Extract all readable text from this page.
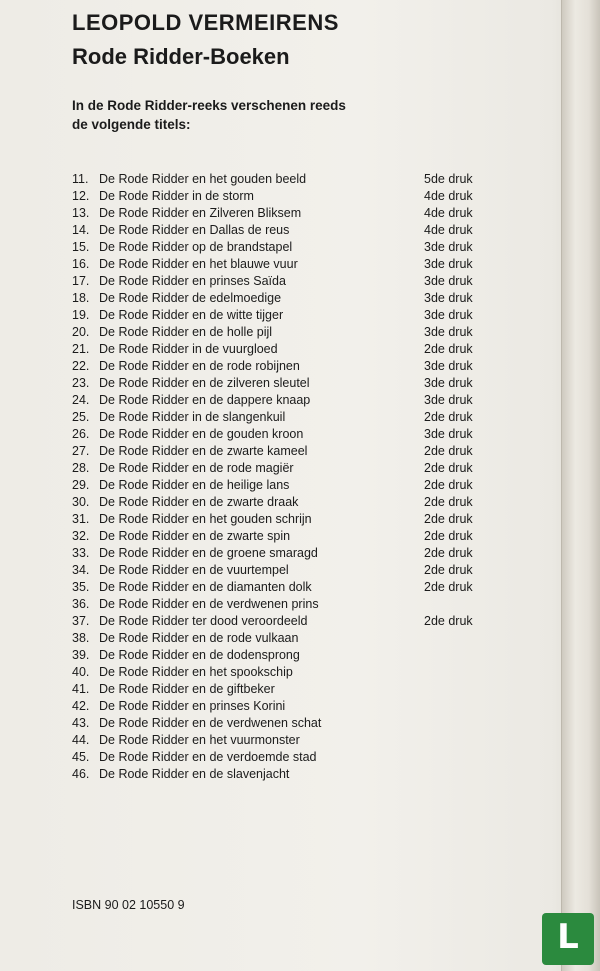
LEOPOLD VERMEIRENS
Rode Ridder-Boeken
In de Rode Ridder-reeks verschenen reeds
de volgende titels:
11. De Rode Ridder en het gouden beeld	5de druk
12. De Rode Ridder in de storm	4de druk
13. De Rode Ridder en Zilveren Bliksem	4de druk
14. De Rode Ridder en Dallas de reus	4de druk
15. De Rode Ridder op de brandstapel	3de druk
16. De Rode Ridder en het blauwe vuur	3de druk
17. De Rode Ridder en prinses Saïda	3de druk
18. De Rode Ridder de edelmoedige	3de druk
19. De Rode Ridder en de witte tijger	3de druk
20. De Rode Ridder en de holle pijl	3de druk
21. De Rode Ridder in de vuurgloed	2de druk
22. De Rode Ridder en de rode robijnen	3de druk
23. De Rode Ridder en de zilveren sleutel	3de druk
24. De Rode Ridder en de dappere knaap	3de druk
25. De Rode Ridder in de slangenkuil	2de druk
26. De Rode Ridder en de gouden kroon	3de druk
27. De Rode Ridder en de zwarte kameel	2de druk
28. De Rode Ridder en de rode magiër	2de druk
29. De Rode Ridder en de heilige lans	2de druk
30. De Rode Ridder en de zwarte draak	2de druk
31. De Rode Ridder en het gouden schrijn	2de druk
32. De Rode Ridder en de zwarte spin	2de druk
33. De Rode Ridder en de groene smaragd	2de druk
34. De Rode Ridder en de vuurtempel	2de druk
35. De Rode Ridder en de diamanten dolk	2de druk
36. De Rode Ridder en de verdwenen prins
37. De Rode Ridder ter dood veroordeeld	2de druk
38. De Rode Ridder en de rode vulkaan
39. De Rode Ridder en de dodensprong
40. De Rode Ridder en het spookschip
41. De Rode Ridder en de giftbeker
42. De Rode Ridder en prinses Korini
43. De Rode Ridder en de verdwenen schat
44. De Rode Ridder en het vuurmonster
45. De Rode Ridder en de verdoemde stad
46. De Rode Ridder en de slavenjacht
ISBN 90 02 10550 9
L
